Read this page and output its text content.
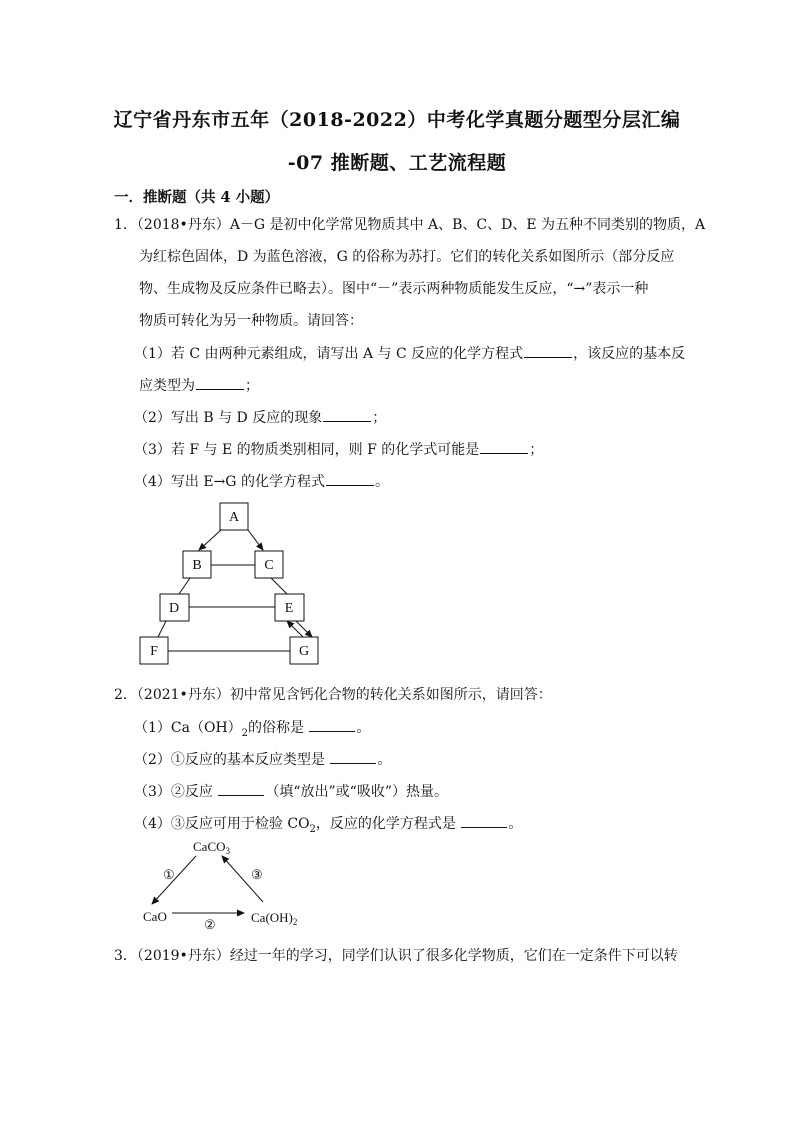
辽宁省丹东市五年（2018-2022）中考化学真题分题型分层汇编
-07 推断题、工艺流程题
一．推断题（共 4 小题）
1．（2018•丹东）A－G 是初中化学常见物质其中 A、B、C、D、E 为五种不同类别的物质，A
为红棕色固体，D 为蓝色溶液，G 的俗称为苏打。它们的转化关系如图所示（部分反应
物、生成物及反应条件已略去）。图中“－”表示两种物质能发生反应，“→”表示一种
物质可转化为另一种物质。请回答：
（1）若 C 由两种元素组成，请写出 A 与 C 反应的化学方程式	，该反应的基本反
应类型为	；
（2）写出 B 与 D 反应的现象	；
（3）若 F 与 E 的物质类别相同，则 F 的化学式可能是	；
（4）写出 E→G 的化学方程式	。
A
B	C
D	E
F	G
CaCO$_3$
CaO	$Ca(OH)_2$
①
②
③
2．（2021•丹东）初中常见含钙化合物的转化关系如图所示，请回答：
$(1)Ca(OH)_2$的俗称是	。
（2）①反应的基本反应类型是	。
（3）②反应	（填“放出”或“吸收”）热量。
（4）③反应可用于检验 $CO_2$，反应的化学方程式是	。
3．（2019•丹东）经过一年的学习，同学们认识了很多化学物质，它们在一定条件下可以转
